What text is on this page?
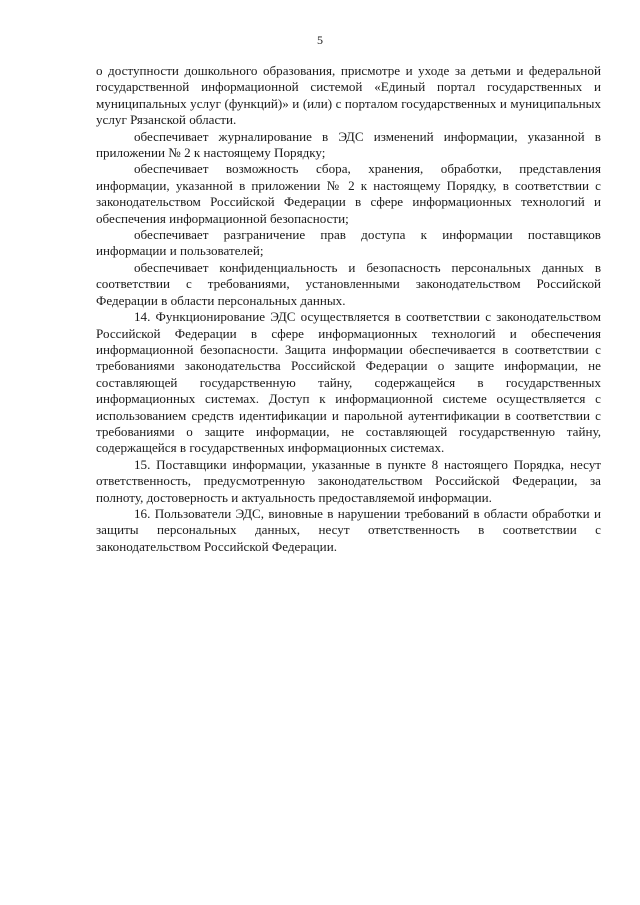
5

о доступности дошкольного образования, присмотре и уходе за детьми и федеральной государственной информационной системой «Единый портал государственных и муниципальных услуг (функций)» и (или) с порталом государственных и муниципальных услуг Рязанской области.

обеспечивает журналирование в ЭДС изменений информации, указанной в приложении № 2 к настоящему Порядку;

обеспечивает возможность сбора, хранения, обработки, представления информации, указанной в приложении № 2 к настоящему Порядку, в соответствии с законодательством Российской Федерации в сфере информационных технологий и обеспечения информационной безопасности;

обеспечивает разграничение прав доступа к информации поставщиков информации и пользователей;

обеспечивает конфиденциальность и безопасность персональных данных в соответствии с требованиями, установленными законодательством Российской Федерации в области персональных данных.

14. Функционирование ЭДС осуществляется в соответствии с законодательством Российской Федерации в сфере информационных технологий и обеспечения информационной безопасности. Защита информации обеспечивается в соответствии с требованиями законодательства Российской Федерации о защите информации, не составляющей государственную тайну, содержащейся в государственных информационных системах. Доступ к информационной системе осуществляется с использованием средств идентификации и парольной аутентификации в соответствии с требованиями о защите информации, не составляющей государственную тайну, содержащейся в государственных информационных системах.

15. Поставщики информации, указанные в пункте 8 настоящего Порядка, несут ответственность, предусмотренную законодательством Российской Федерации, за полноту, достоверность и актуальность предоставляемой информации.

16. Пользователи ЭДС, виновные в нарушении требований в области обработки и защиты персональных данных, несут ответственность в соответствии с законодательством Российской Федерации.
